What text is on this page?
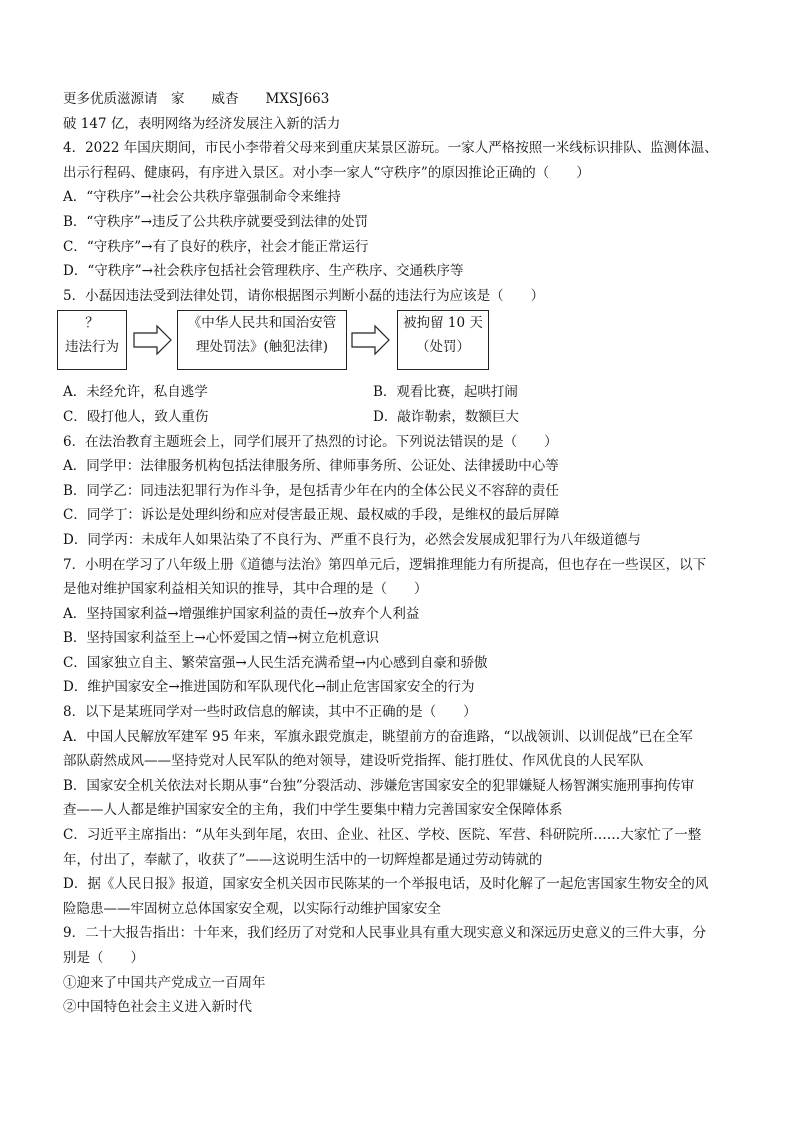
更多优质滋源请　家　　威杳　　MXSJ663
破 147 亿，表明网络为经济发展注入新的活力
4．2022 年国庆期间，市民小李带着父母来到重庆某景区游玩。一家人严格按照一米线标识排队、监测体温、
出示行程码、健康码，有序进入景区。对小李一家人“守秩序”的原因推论正确的（　　）
A．“守秩序”→社会公共秩序靠强制命令来维持
B．“守秩序”→违反了公共秩序就要受到法律的处罚
C．“守秩序”→有了良好的秩序，社会才能正常运行
D．“守秩序”→社会秩序包括社会管理秩序、生产秩序、交通秩序等
5．小磊因违法受到法律处罚，请你根据图示判断小磊的违法行为应该是（　　）
？
违法行为
《中华人民共和国治安管
理处罚法》(触犯法律)
被拘留 10 天
（处罚）
A．未经允许，私自逃学	B．观看比赛，起哄打闹
C．殴打他人，致人重伤	D．敲诈勒索，数额巨大
6．在法治教育主题班会上，同学们展开了热烈的讨论。下列说法错误的是（　　）
A．同学甲：法律服务机构包括法律服务所、律师事务所、公证处、法律援助中心等
B．同学乙：同违法犯罪行为作斗争，是包括青少年在内的全体公民义不容辞的责任
C．同学丁：诉讼是处理纠纷和应对侵害最正规、最权威的手段，是维权的最后屏障
D．同学丙：未成年人如果沾染了不良行为、严重不良行为，必然会发展成犯罪行为八年级道德与
7．小明在学习了八年级上册《道德与法治》第四单元后，逻辑推理能力有所提高，但也存在一些误区，以下
是他对维护国家利益相关知识的推导，其中合理的是（　　）
A．坚持国家利益→增强维护国家利益的责任→放弃个人利益
B．坚持国家利益至上→心怀爱国之情→树立危机意识
C．国家独立自主、繁荣富强→人民生活充满希望→内心感到自豪和骄傲
D．维护国家安全→推进国防和军队现代化→制止危害国家安全的行为
8．以下是某班同学对一些时政信息的解读，其中不正确的是（　　）
A．中国人民解放军建军 95 年来，军旗永跟党旗走，眺望前方的奋進路，“以战领训、以训促战”已在全军
部队蔚然成风——坚持党对人民军队的绝对领导，建设听党指挥、能打胜仗、作风优良的人民军队
B．国家安全机关依法对长期从事“台独”分裂活动、涉嫌危害国家安全的犯罪嫌疑人杨智渊实施刑事拘传审
查——人人都是维护国家安全的主角，我们中学生要集中精力完善国家安全保障体系
C．习近平主席指出：“从年头到年尾，农田、企业、社区、学校、医院、军营、科研院所……大家忙了一整
年，付出了，奉献了，收获了”——这说明生活中的一切辉煌都是通过劳动铸就的
D．据《人民日报》报道，国家安全机关因市民陈某的一个举报电话，及时化解了一起危害国家生物安全的风
险隐患——牢固树立总体国家安全观，以实际行动维护国家安全
9．二十大报告指出：十年来，我们经历了对党和人民事业具有重大现实意义和深远历史意义的三件大事，分
别是（　　）
①迎来了中国共产党成立一百周年
②中国特色社会主义进入新时代
